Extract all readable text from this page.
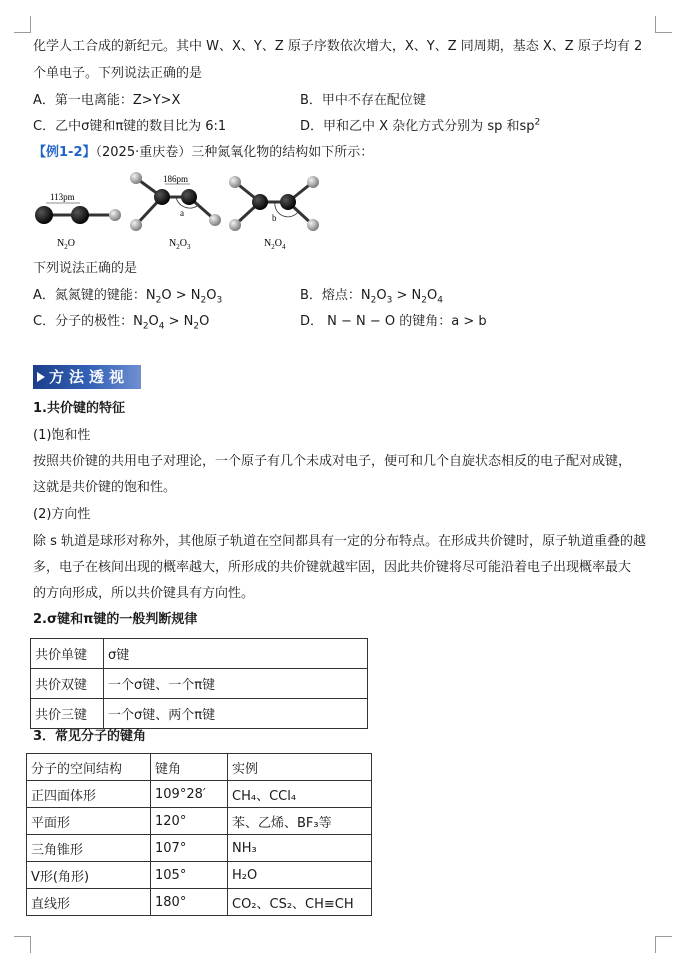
化学人工合成的新纪元。其中 W、X、Y、Z 原子序数依次增大，X、Y、Z 同周期，基态 X、Z 原子均有 2
个单电子。下列说法正确的是
A．第一电离能：Z>Y>X	B．甲中不存在配位键
C．乙中σ键和π键的数目比为 6:1	D．甲和乙中 X 杂化方式分别为 sp 和$sp^2$
【例1-2】（2025·重庆卷）三种氮氧化物的结构如下所示：
113pm
$N_2O$
186pm
a
$N_2O_3$
b
$N_2O_4$
下列说法正确的是
A．氮氮键的键能：$N_2O > N_2O_3$	B．熔点：$N_2O_3 > N_2O_4$
C．分子的极性：$N_2O_4 > N_2O$	D． N − N − O 的键角：a > b
方法透视
1.共价键的特征
(1)饱和性
按照共价键的共用电子对理论，一个原子有几个未成对电子，便可和几个自旋状态相反的电子配对成键，
这就是共价键的饱和性。
(2)方向性
除 s 轨道是球形对称外，其他原子轨道在空间都具有一定的分布特点。在形成共价键时，原子轨道重叠的越
多，电子在核间出现的概率越大，所形成的共价键就越牢固，因此共价键将尽可能沿着电子出现概率最大
的方向形成，所以共价键具有方向性。
2.σ键和π键的一般判断规律
共价单键	σ键
共价双键	一个σ键、一个π键
共价三键	一个σ键、两个π键
3．常见分子的键角
分子的空间结构	键角	实例
正四面体形	109°28′	CH₄、CCl₄
平面形	120°	苯、乙烯、BF₃等
三角锥形	107°	NH₃
V形(角形)	105°	H₂O
直线形	180°	CO₂、CS₂、CH≡CH
